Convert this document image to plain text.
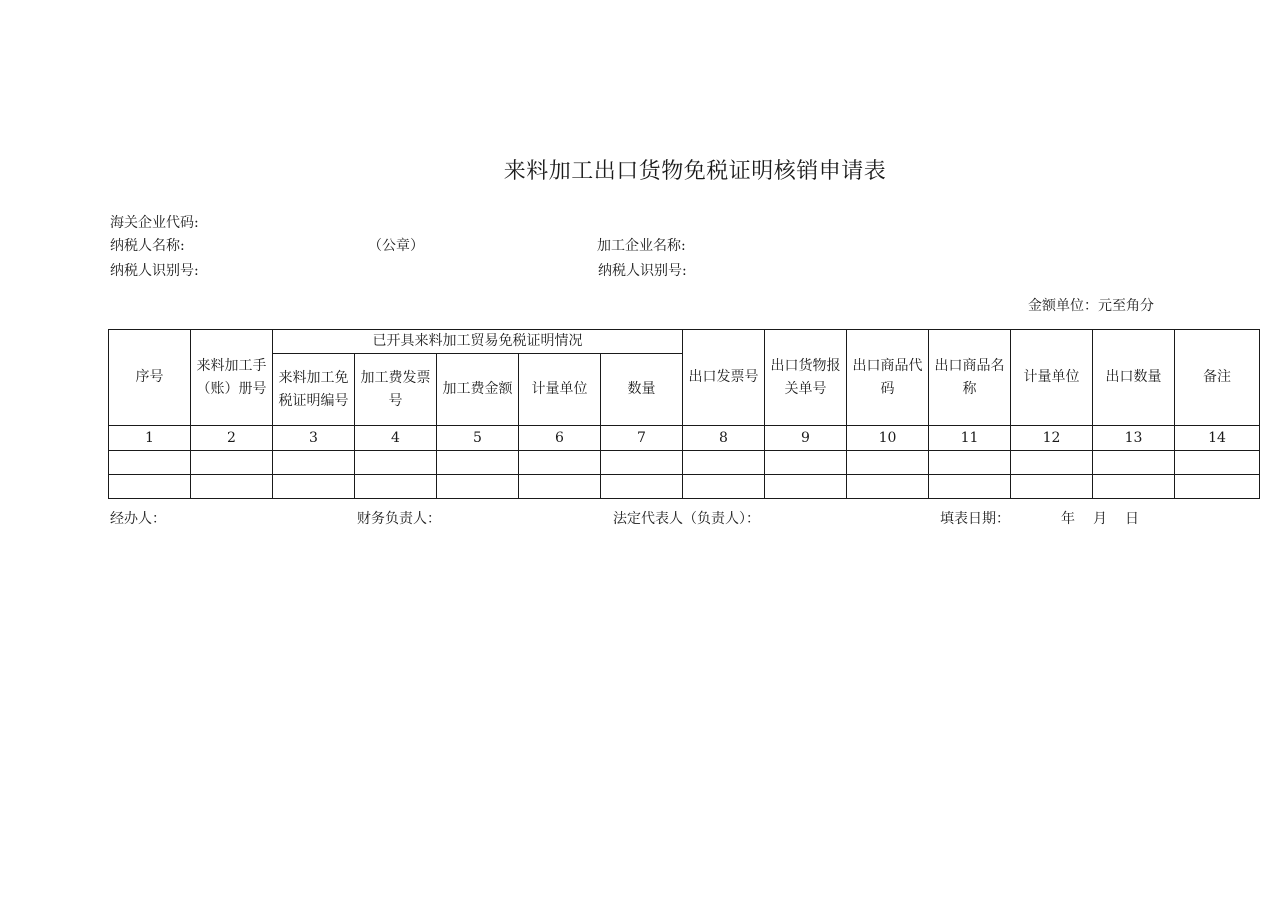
来料加工出口货物免税证明核销申请表
海关企业代码:
纳税人名称:	（公章）	加工企业名称:
纳税人识别号:	纳税人识别号:
金额单位：元至角分
序号	来料加工手（账）册号	已开具来料加工贸易免税证明情况					出口发票号	出口货物报关单号	出口商品代码	出口商品名称	计量单位	出口数量	备注
		来料加工免税证明编号	加工费发票号	加工费金额	计量单位	数量							
1	2	3	4	5	6	7	8	9	10	11	12	13	14

经办人：	财务负责人：	法定代表人（负责人）：	填表日期：	年 月 日
